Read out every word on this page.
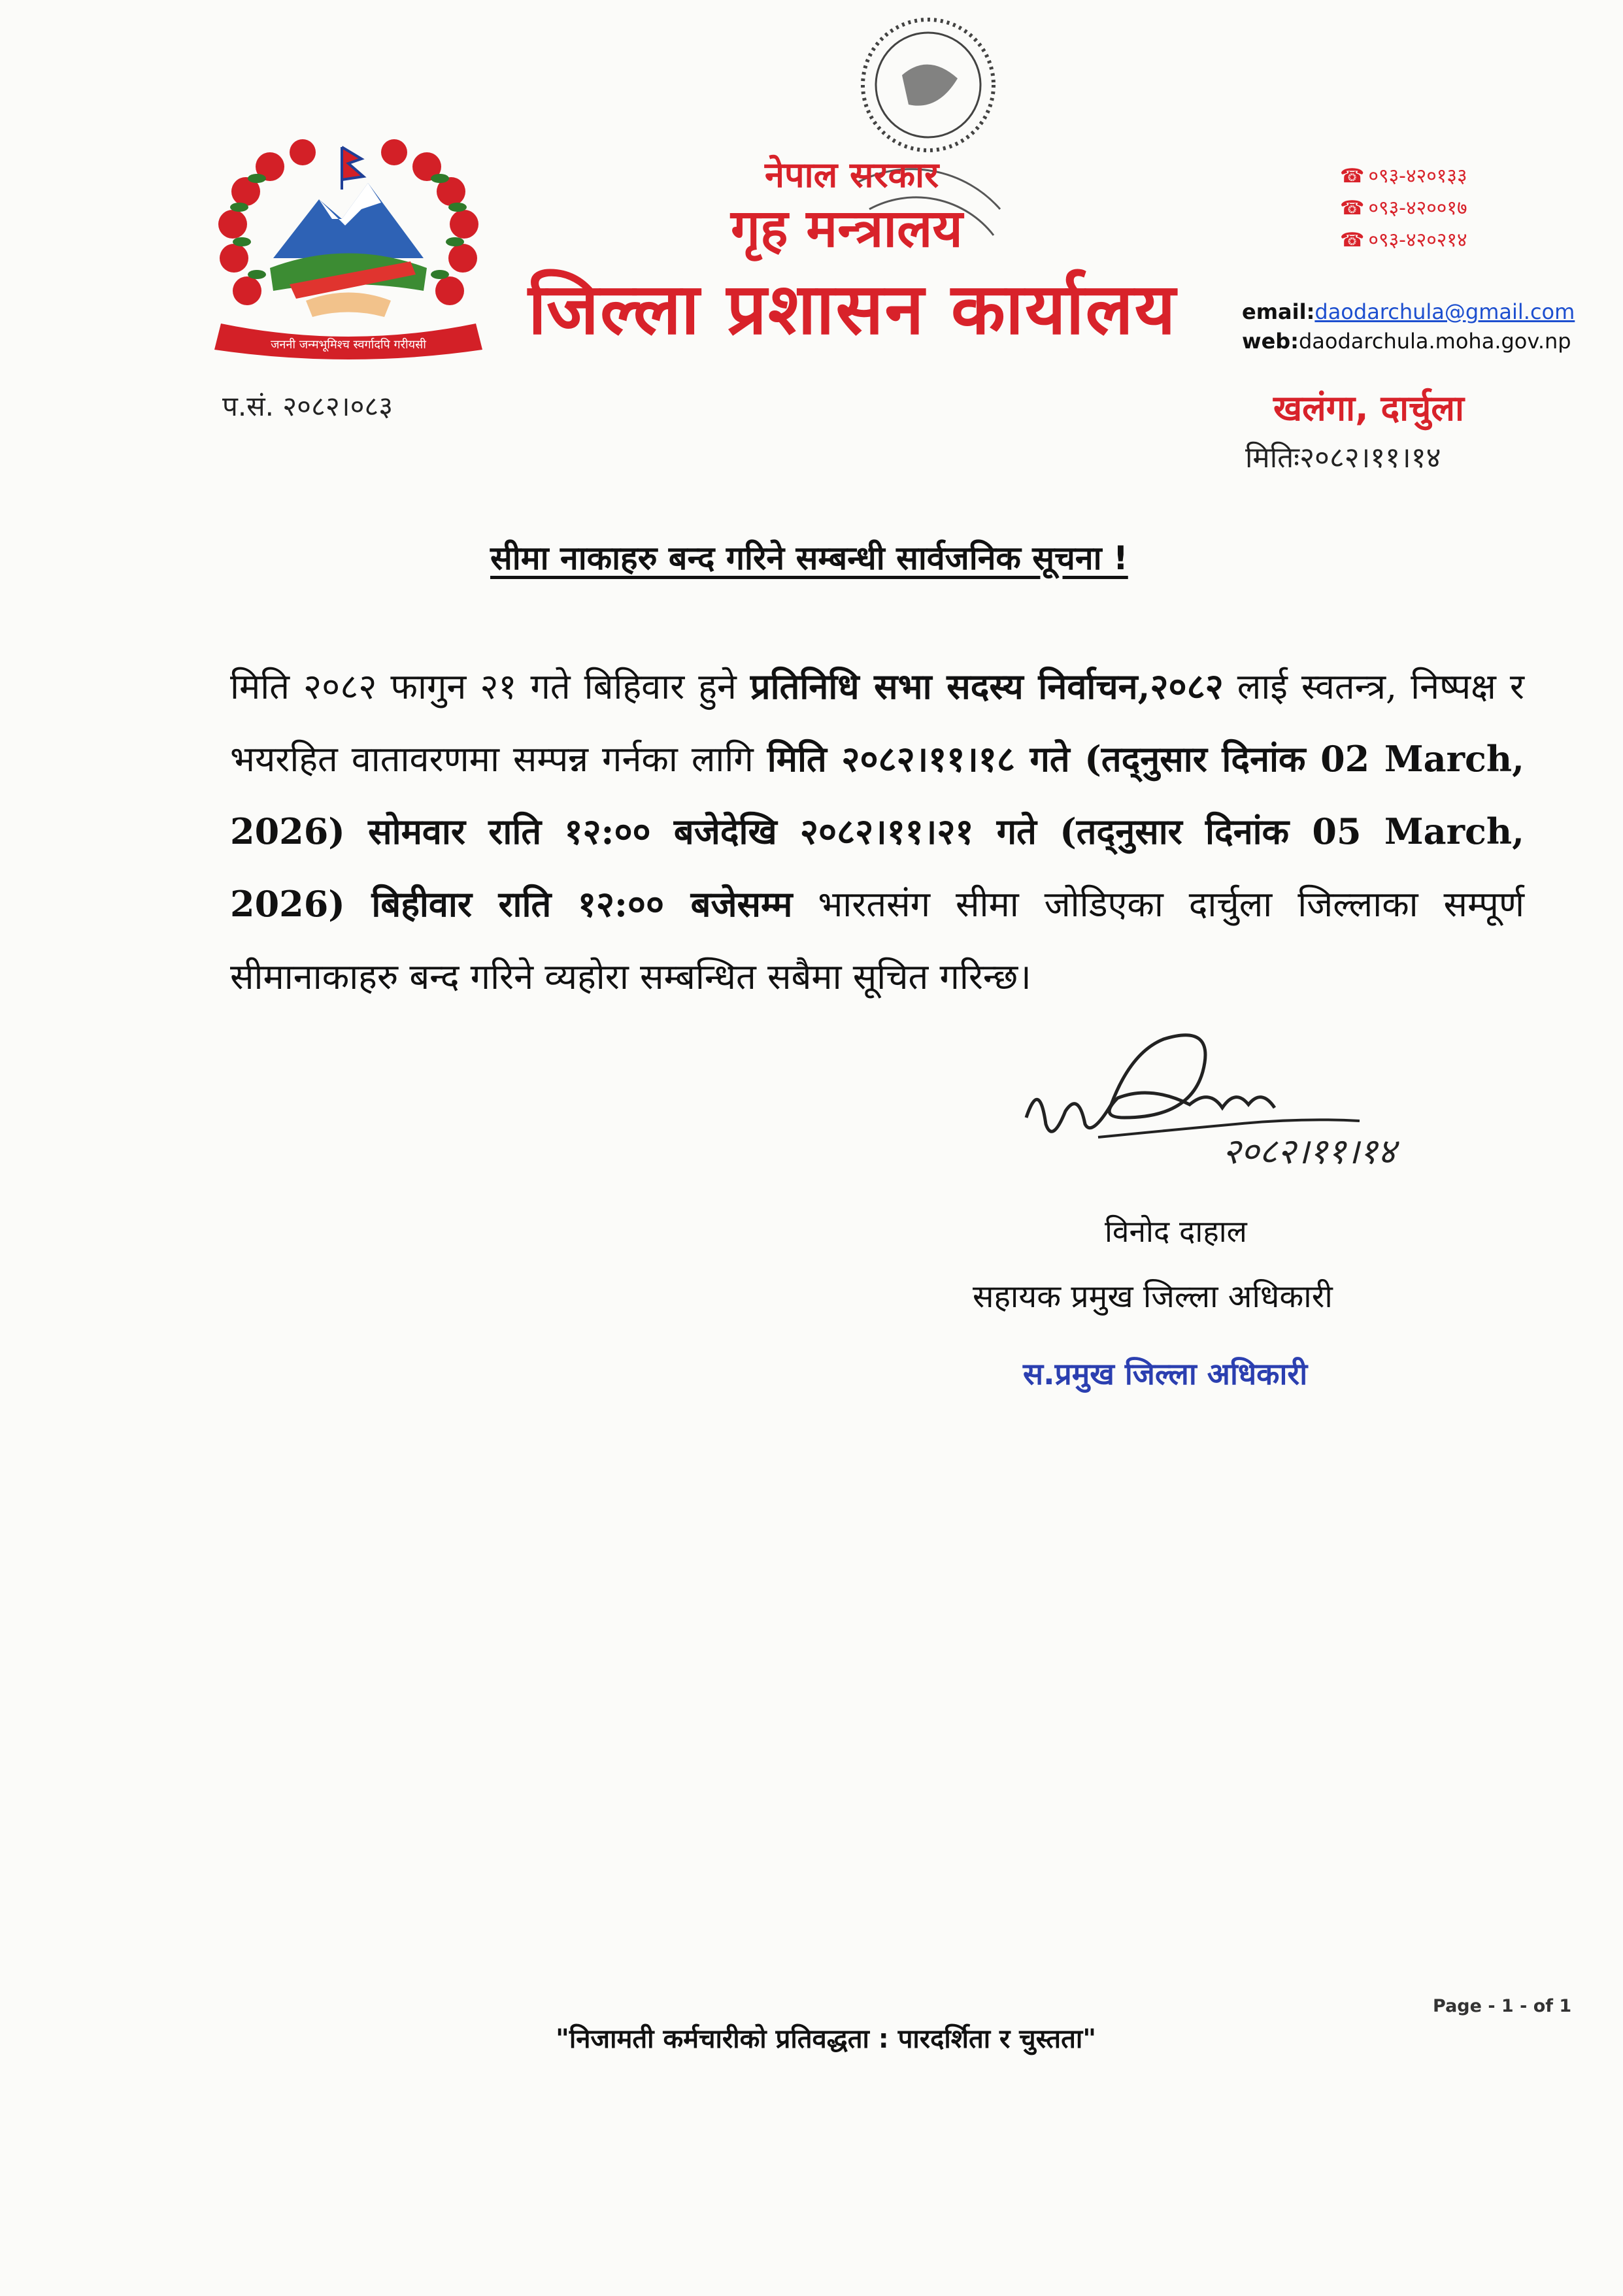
जननी जन्मभूमिश्च स्वर्गादपि गरीयसी
नेपाल सरकार
गृह मन्त्रालय
जिल्ला प्रशासन कार्यालय
☎ ०९३-४२०१३३
☎ ०९३-४२००१७
☎ ०९३-४२०२१४
email:daodarchula@gmail.com
web:daodarchula.moha.gov.np
प.सं. २०८२।०८३	खलंगा, दार्चुला
मितिः२०८२।११।१४
सीमा नाकाहरु बन्द गरिने सम्बन्धी सार्वजनिक सूचना !
मिति २०८२ फागुन २१ गते बिहिवार हुने प्रतिनिधि सभा सदस्य निर्वाचन,२०८२ लाई स्वतन्त्र, निष्पक्ष र भयरहित वातावरणमा सम्पन्न गर्नका लागि मिति २०८२।११।१८ गते (तद्नुसार दिनांक 02 March, 2026) सोमवार राति १२:०० बजेदेखि २०८२।११।२१ गते (तद्नुसार दिनांक 05 March, 2026) बिहीवार राति १२:०० बजेसम्म भारतसंग सीमा जोडिएका दार्चुला जिल्लाका सम्पूर्ण सीमानाकाहरु बन्द गरिने व्यहोरा सम्बन्धित सबैमा सूचित गरिन्छ।
२०८२।११।१४
विनोद दाहाल
सहायक प्रमुख जिल्ला अधिकारी
स.प्रमुख जिल्ला अधिकारी
Page - 1 - of 1
"निजामती कर्मचारीको प्रतिवद्धता : पारदर्शिता र चुस्तता"
